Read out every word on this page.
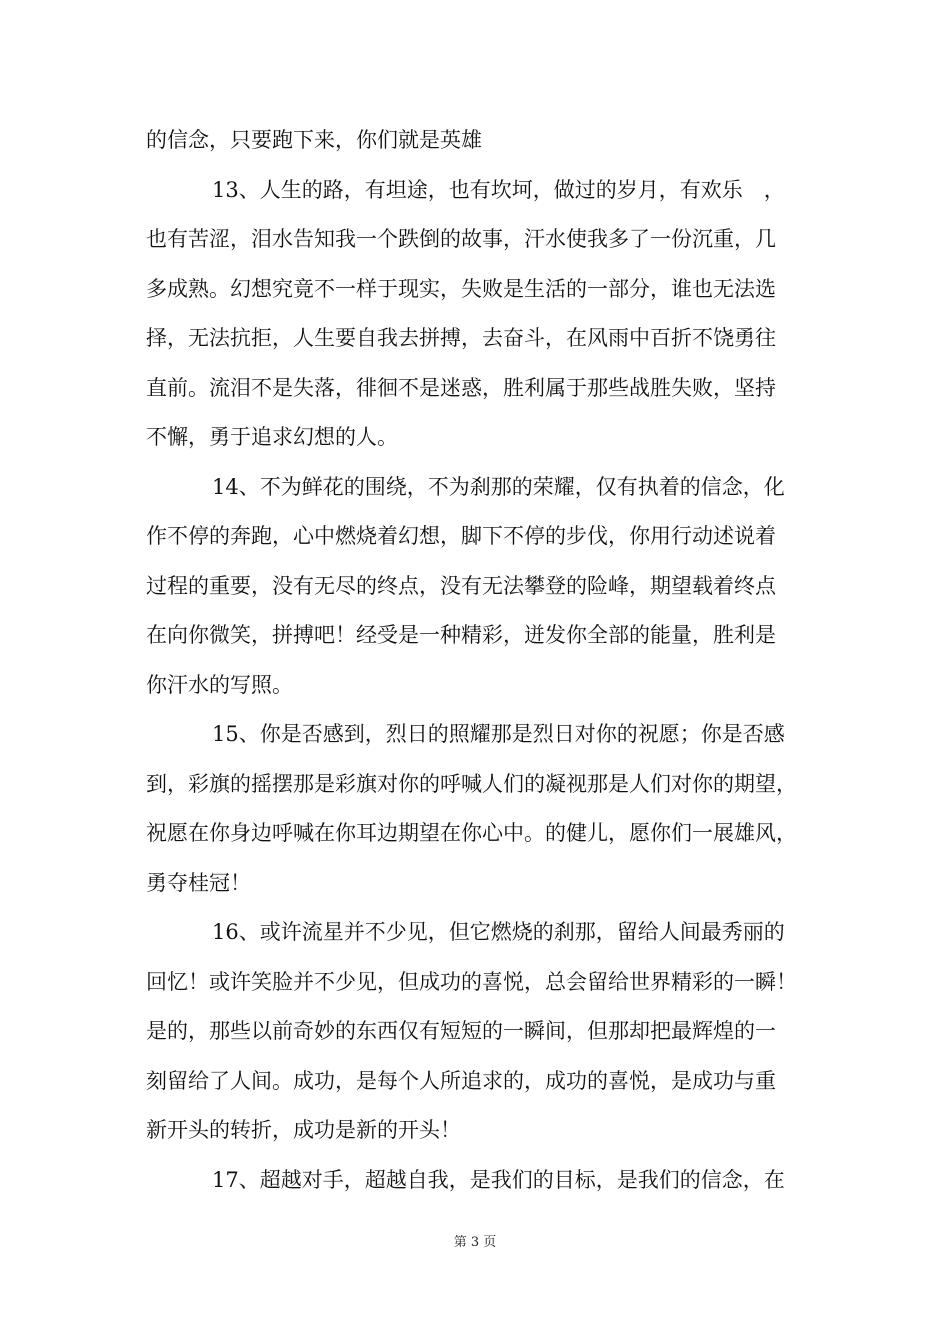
的信念，只要跑下来，你们就是英雄
13、人生的路，有坦途，也有坎坷，做过的岁月，有欢乐　，
也有苦涩，泪水告知我一个跌倒的故事，汗水使我多了一份沉重，几
多成熟。幻想究竟不一样于现实，失败是生活的一部分，谁也无法选
择，无法抗拒，人生要自我去拼搏，去奋斗，在风雨中百折不饶勇往
直前。流泪不是失落，徘徊不是迷惑，胜利属于那些战胜失败，坚持
不懈，勇于追求幻想的人。
14、不为鲜花的围绕，不为刹那的荣耀，仅有执着的信念，化
作不停的奔跑，心中燃烧着幻想，脚下不停的步伐，你用行动述说着
过程的重要，没有无尽的终点，没有无法攀登的险峰，期望载着终点
在向你微笑，拼搏吧！经受是一种精彩，迸发你全部的能量，胜利是
你汗水的写照。
15、你是否感到，烈日的照耀那是烈日对你的祝愿；你是否感
到，彩旗的摇摆那是彩旗对你的呼喊人们的凝视那是人们对你的期望，
祝愿在你身边呼喊在你耳边期望在你心中。的健儿，愿你们一展雄风，
勇夺桂冠！
16、或许流星并不少见，但它燃烧的刹那，留给人间最秀丽的
回忆！或许笑脸并不少见，但成功的喜悦，总会留给世界精彩的一瞬！
是的，那些以前奇妙的东西仅有短短的一瞬间，但那却把最辉煌的一
刻留给了人间。成功，是每个人所追求的，成功的喜悦，是成功与重
新开头的转折，成功是新的开头！
17、超越对手，超越自我，是我们的目标，是我们的信念，在
第 3 页
